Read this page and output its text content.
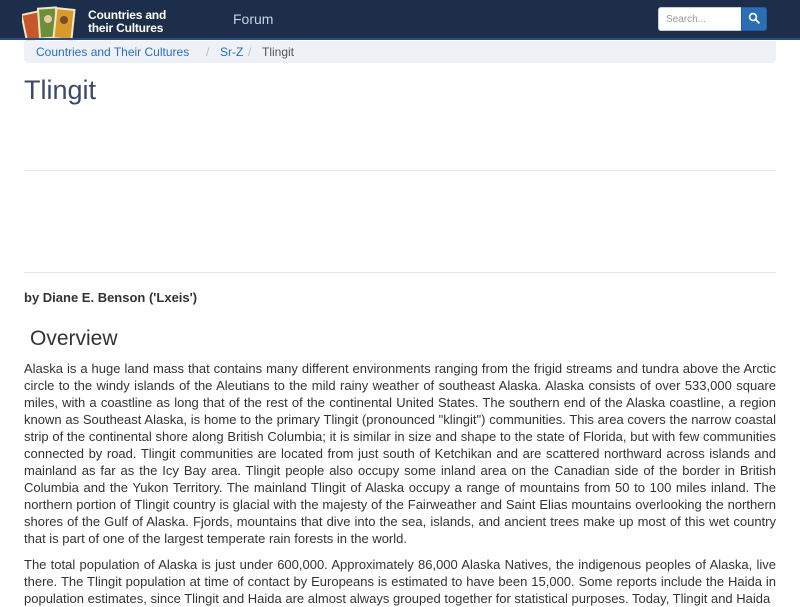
Countries and
their Cultures
Forum
Search...
Countries and Their Cultures / Sr-Z / Tlingit
Tlingit
by Diane E. Benson ('Lxeis')
Overview

Alaska is a huge land mass that contains many different environments ranging from the frigid streams and tundra above the Arctic circle to the windy islands of the Aleutians to the mild rainy weather of southeast Alaska. Alaska consists of over 533,000 square miles, with a coastline as long that of the rest of the continental United States. The southern end of the Alaska coastline, a region known as Southeast Alaska, is home to the primary Tlingit (pronounced "klingit") communities. This area covers the narrow coastal strip of the continental shore along British Columbia; it is similar in size and shape to the state of Florida, but with few communities connected by road. Tlingit communities are located from just south of Ketchikan and are scattered northward across islands and mainland as far as the Icy Bay area. Tlingit people also occupy some inland area on the Canadian side of the border in British Columbia and the Yukon Territory. The mainland Tlingit of Alaska occupy a range of mountains from 50 to 100 miles inland. The northern portion of Tlingit country is glacial with the majesty of the Fairweather and Saint Elias mountains overlooking the northern shores of the Gulf of Alaska. Fjords, mountains that dive into the sea, islands, and ancient trees make up most of this wet country that is part of one of the largest temperate rain forests in the world.

The total population of Alaska is just under 600,000. Approximately 86,000 Alaska Natives, the indigenous peoples of Alaska, live there. The Tlingit population at time of contact by Europeans is estimated to have been 15,000. Some reports include the Haida in population estimates, since Tlingit and Haida are almost always grouped together for statistical purposes. Today, Tlingit and Haida
